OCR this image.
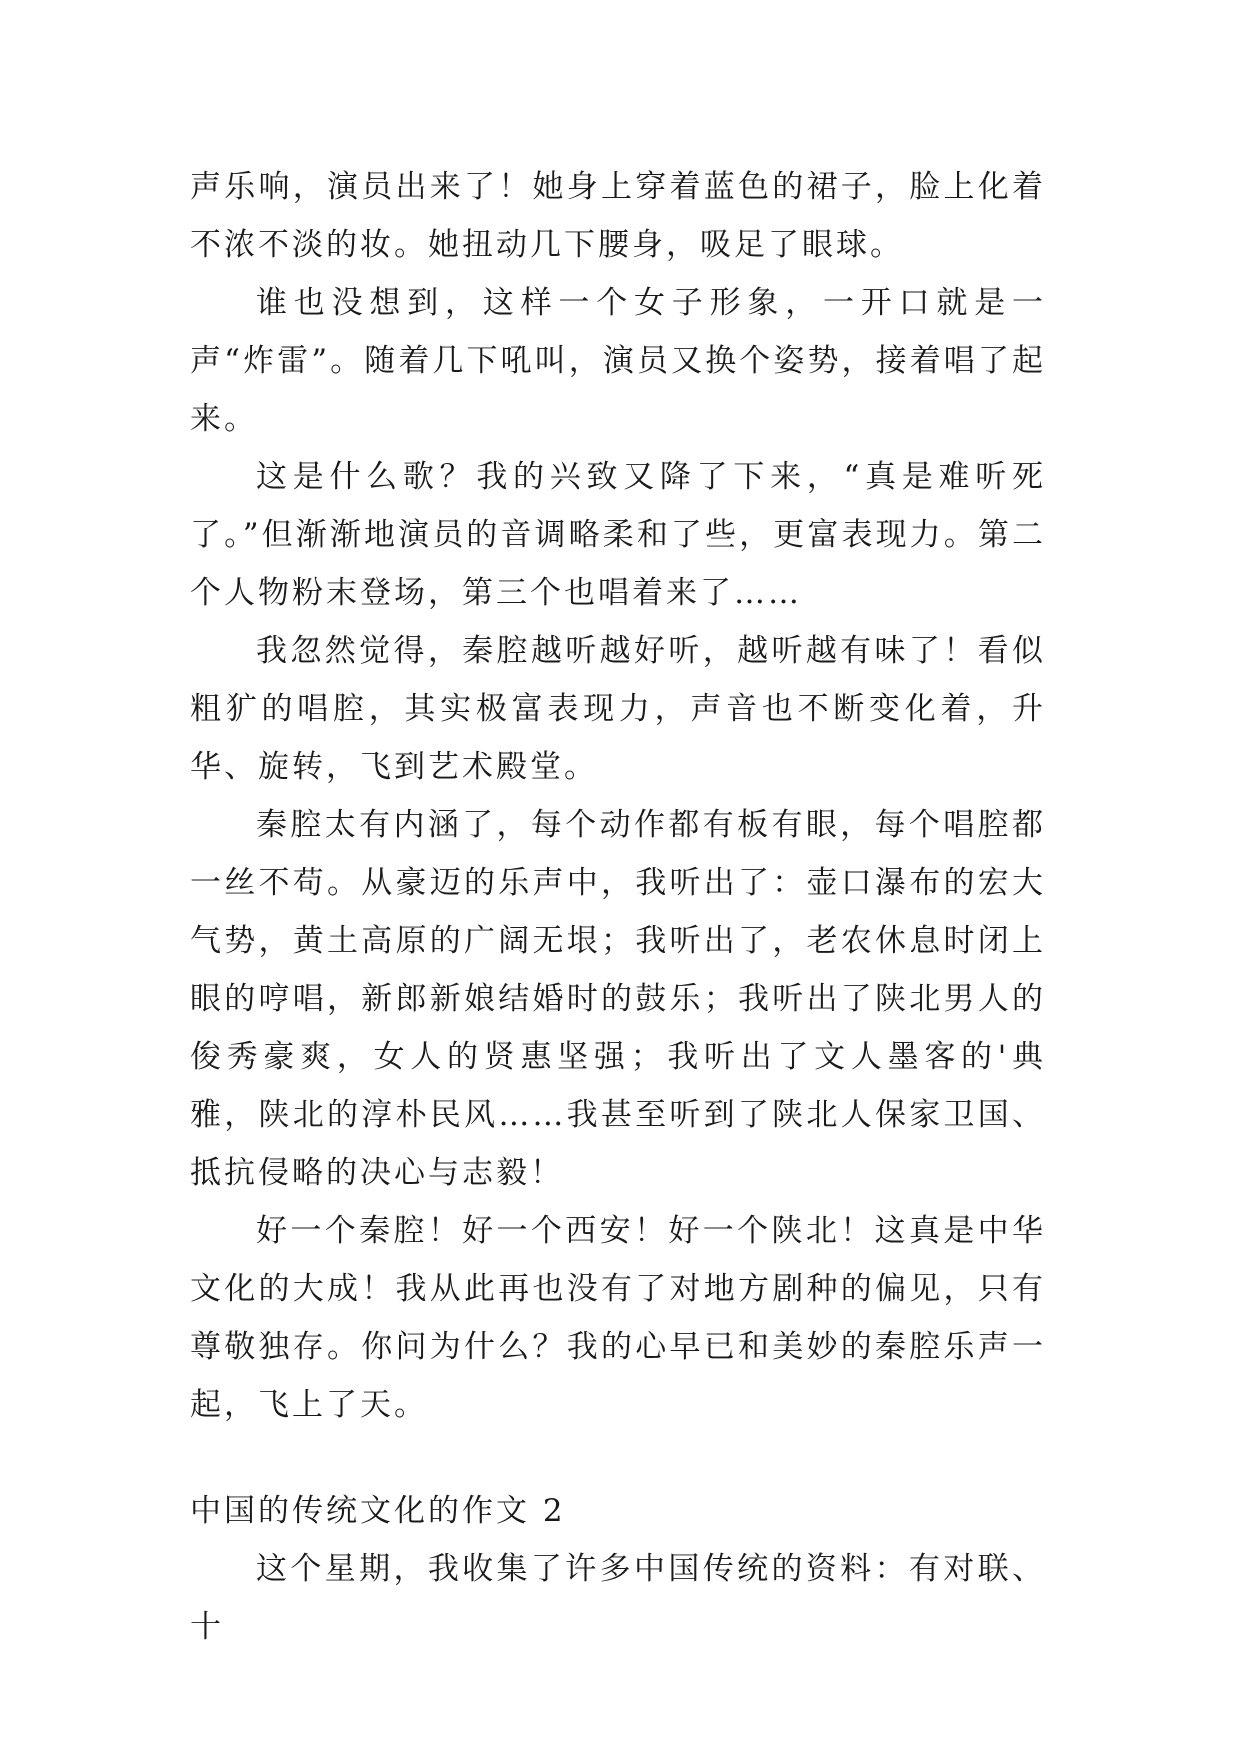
声乐响，演员出来了！她身上穿着蓝色的裙子，脸上化着不浓不淡的妆。她扭动几下腰身，吸足了眼球。

谁也没想到，这样一个女子形象，一开口就是一声“炸雷”。随着几下吼叫，演员又换个姿势，接着唱了起来。

这是什么歌？我的兴致又降了下来，“真是难听死了。”但渐渐地演员的音调略柔和了些，更富表现力。第二个人物粉末登场，第三个也唱着来了……

我忽然觉得，秦腔越听越好听，越听越有味了！看似粗犷的唱腔，其实极富表现力，声音也不断变化着，升华、旋转，飞到艺术殿堂。

秦腔太有内涵了，每个动作都有板有眼，每个唱腔都一丝不苟。从豪迈的乐声中，我听出了：壶口瀑布的宏大气势，黄土高原的广阔无垠；我听出了，老农休息时闭上眼的哼唱，新郎新娘结婚时的鼓乐；我听出了陕北男人的俊秀豪爽，女人的贤惠坚强；我听出了文人墨客的'典雅，陕北的淳朴民风……我甚至听到了陕北人保家卫国、抵抗侵略的决心与志毅！

好一个秦腔！好一个西安！好一个陕北！这真是中华文化的大成！我从此再也没有了对地方剧种的偏见，只有尊敬独存。你问为什么？我的心早已和美妙的秦腔乐声一起，飞上了天。

中国的传统文化的作文 2

这个星期，我收集了许多中国传统的资料：有对联、十
